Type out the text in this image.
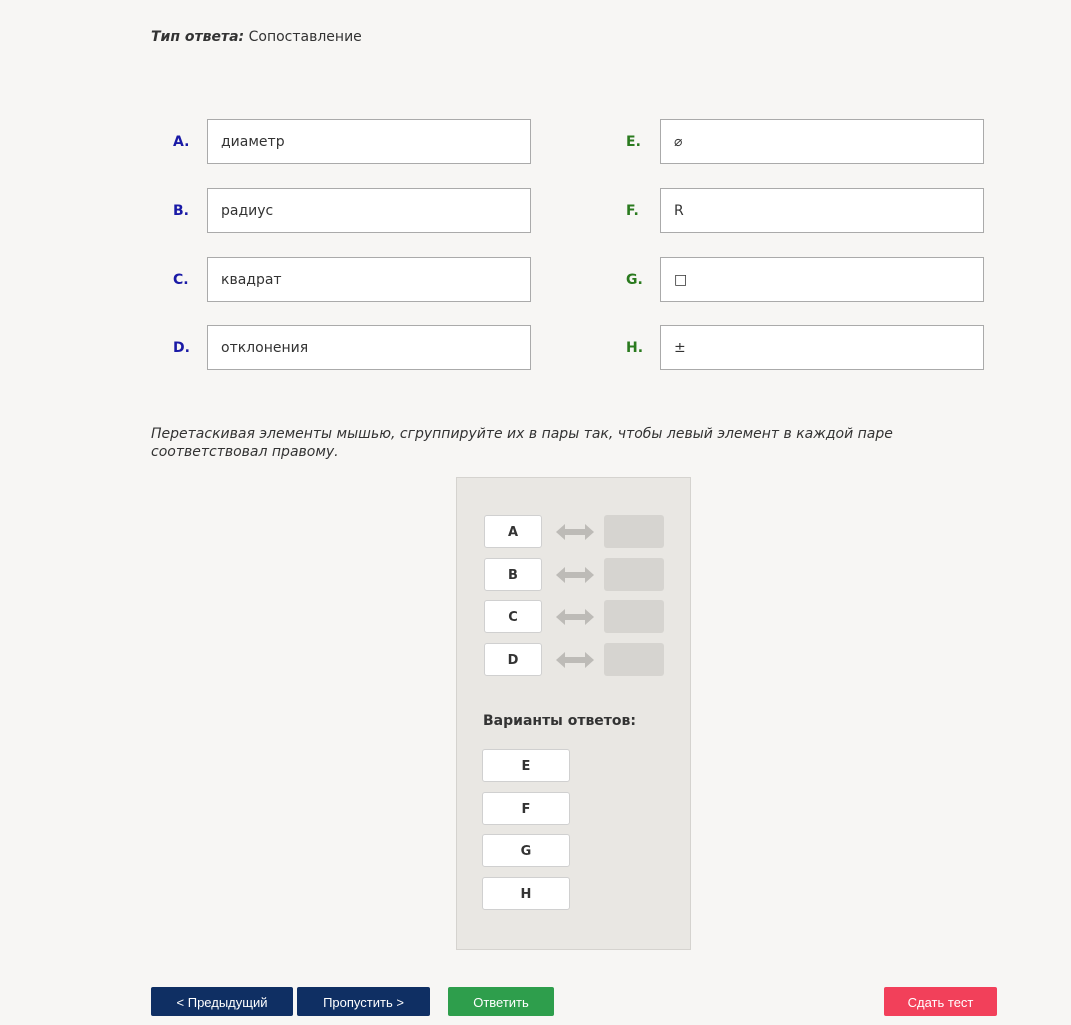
Тип ответа: Сопоставление
A.	диаметр
B.	радиус
C.	квадрат
D.	отклонения
E.	⌀
F.	R
G.	□
H.	±
Перетаскивая элементы мышью, сгруппируйте их в пары так, чтобы левый элемент в каждой паре соответствовал правому.
A
B
C
D
Варианты ответов:
E
F
G
H
< Предыдущий	Пропустить >	Ответить	Сдать тест
